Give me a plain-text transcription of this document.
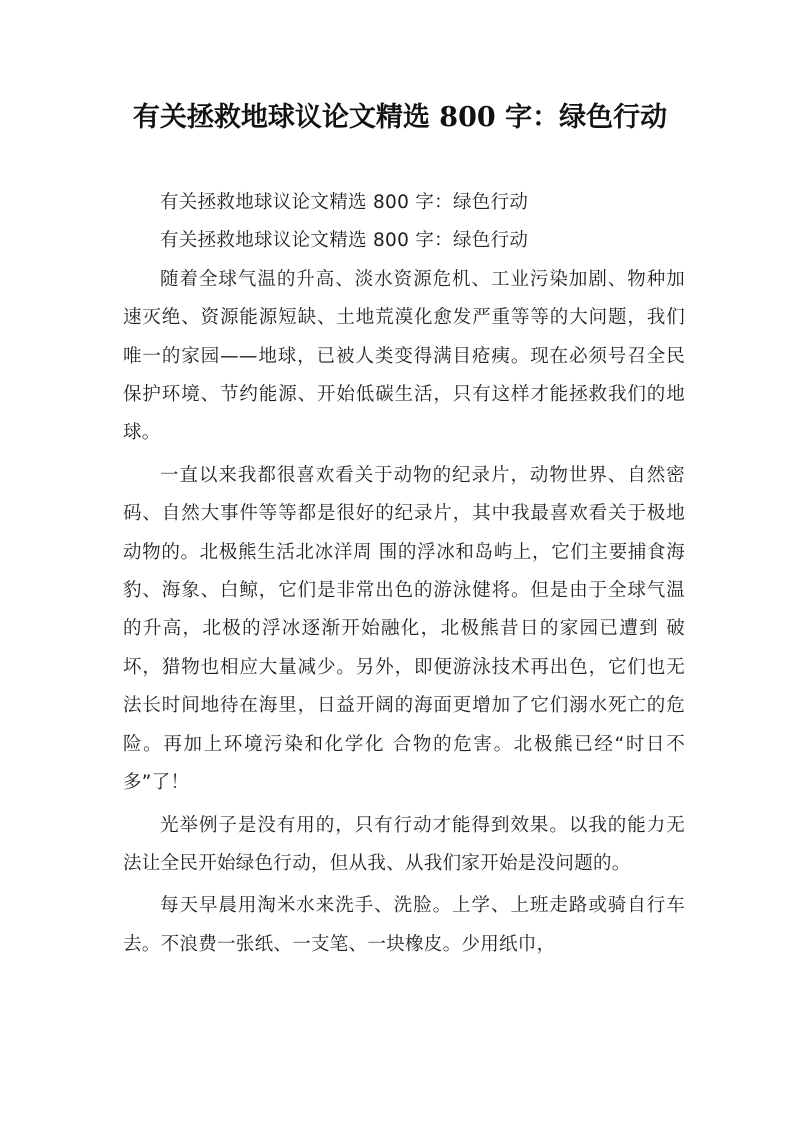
有关拯救地球议论文精选 800 字：绿色行动

有关拯救地球议论文精选 800 字：绿色行动

有关拯救地球议论文精选 800 字：绿色行动

随着全球气温的升高、淡水资源危机、工业污染加剧、物种加速灭绝、资源能源短缺、土地荒漠化愈发严重等等的大问题，我们唯一的家园——地球，已被人类变得满目疮痍。现在必须号召全民保护环境、节约能源、开始低碳生活，只有这样才能拯救我们的地球。

一直以来我都很喜欢看关于动物的纪录片，动物世界、自然密码、自然大事件等等都是很好的纪录片，其中我最喜欢看关于极地动物的。北极熊生活北冰洋周 围的浮冰和岛屿上，它们主要捕食海豹、海象、白鲸，它们是非常出色的游泳健将。但是由于全球气温的升高，北极的浮冰逐渐开始融化，北极熊昔日的家园已遭到 破坏，猎物也相应大量减少。另外，即便游泳技术再出色，它们也无法长时间地待在海里，日益开阔的海面更增加了它们溺水死亡的危险。再加上环境污染和化学化 合物的危害。北极熊已经“时日不多”了！

光举例子是没有用的，只有行动才能得到效果。以我的能力无法让全民开始绿色行动，但从我、从我们家开始是没问题的。

每天早晨用淘米水来洗手、洗脸。上学、上班走路或骑自行车去。不浪费一张纸、一支笔、一块橡皮。少用纸巾，
